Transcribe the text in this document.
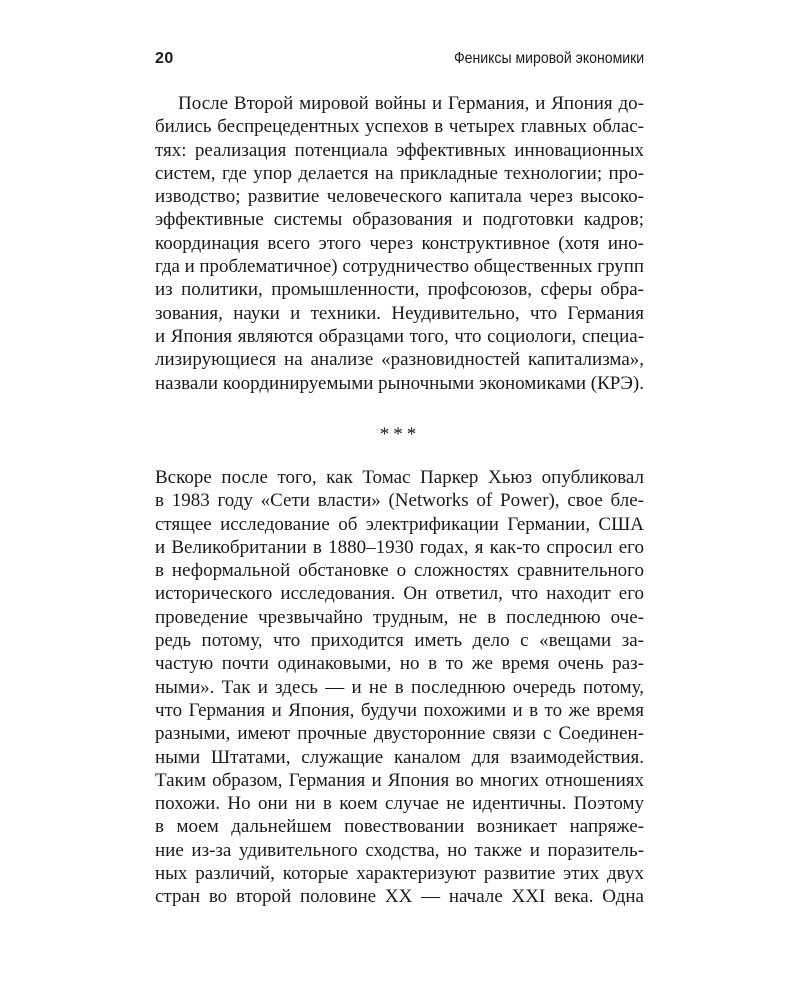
20	Фениксы мировой экономики
После Второй мировой войны и Германия, и Япония до-
бились беспрецедентных успехов в четырех главных облас-
тях: реализация потенциала эффективных инновационных
систем, где упор делается на прикладные технологии; про-
изводство; развитие человеческого капитала через высоко-
эффективные системы образования и подготовки кадров;
координация всего этого через конструктивное (хотя ино-
гда и проблематичное) сотрудничество общественных групп
из политики, промышленности, профсоюзов, сферы обра-
зования, науки и техники. Неудивительно, что Германия
и Япония являются образцами того, что социологи, специа-
лизирующиеся на анализе «разновидностей капитализма»,
назвали координируемыми рыночными экономиками (КРЭ).
***
Вскоре после того, как Томас Паркер Хьюз опубликовал
в 1983 году «Сети власти» (Networks of Power), свое бле-
стящее исследование об электрификации Германии, США
и Великобритании в 1880–1930 годах, я как-то спросил его
в неформальной обстановке о сложностях сравнительного
исторического исследования. Он ответил, что находит его
проведение чрезвычайно трудным, не в последнюю оче-
редь потому, что приходится иметь дело с «вещами за-
частую почти одинаковыми, но в то же время очень раз-
ными». Так и здесь — и не в последнюю очередь потому,
что Германия и Япония, будучи похожими и в то же время
разными, имеют прочные двусторонние связи с Соединен-
ными Штатами, служащие каналом для взаимодействия.
Таким образом, Германия и Япония во многих отношениях
похожи. Но они ни в коем случае не идентичны. Поэтому
в моем дальнейшем повествовании возникает напряже-
ние из-за удивительного сходства, но также и поразитель-
ных различий, которые характеризуют развитие этих двух
стран во второй половине XX — начале XXI века. Одна
